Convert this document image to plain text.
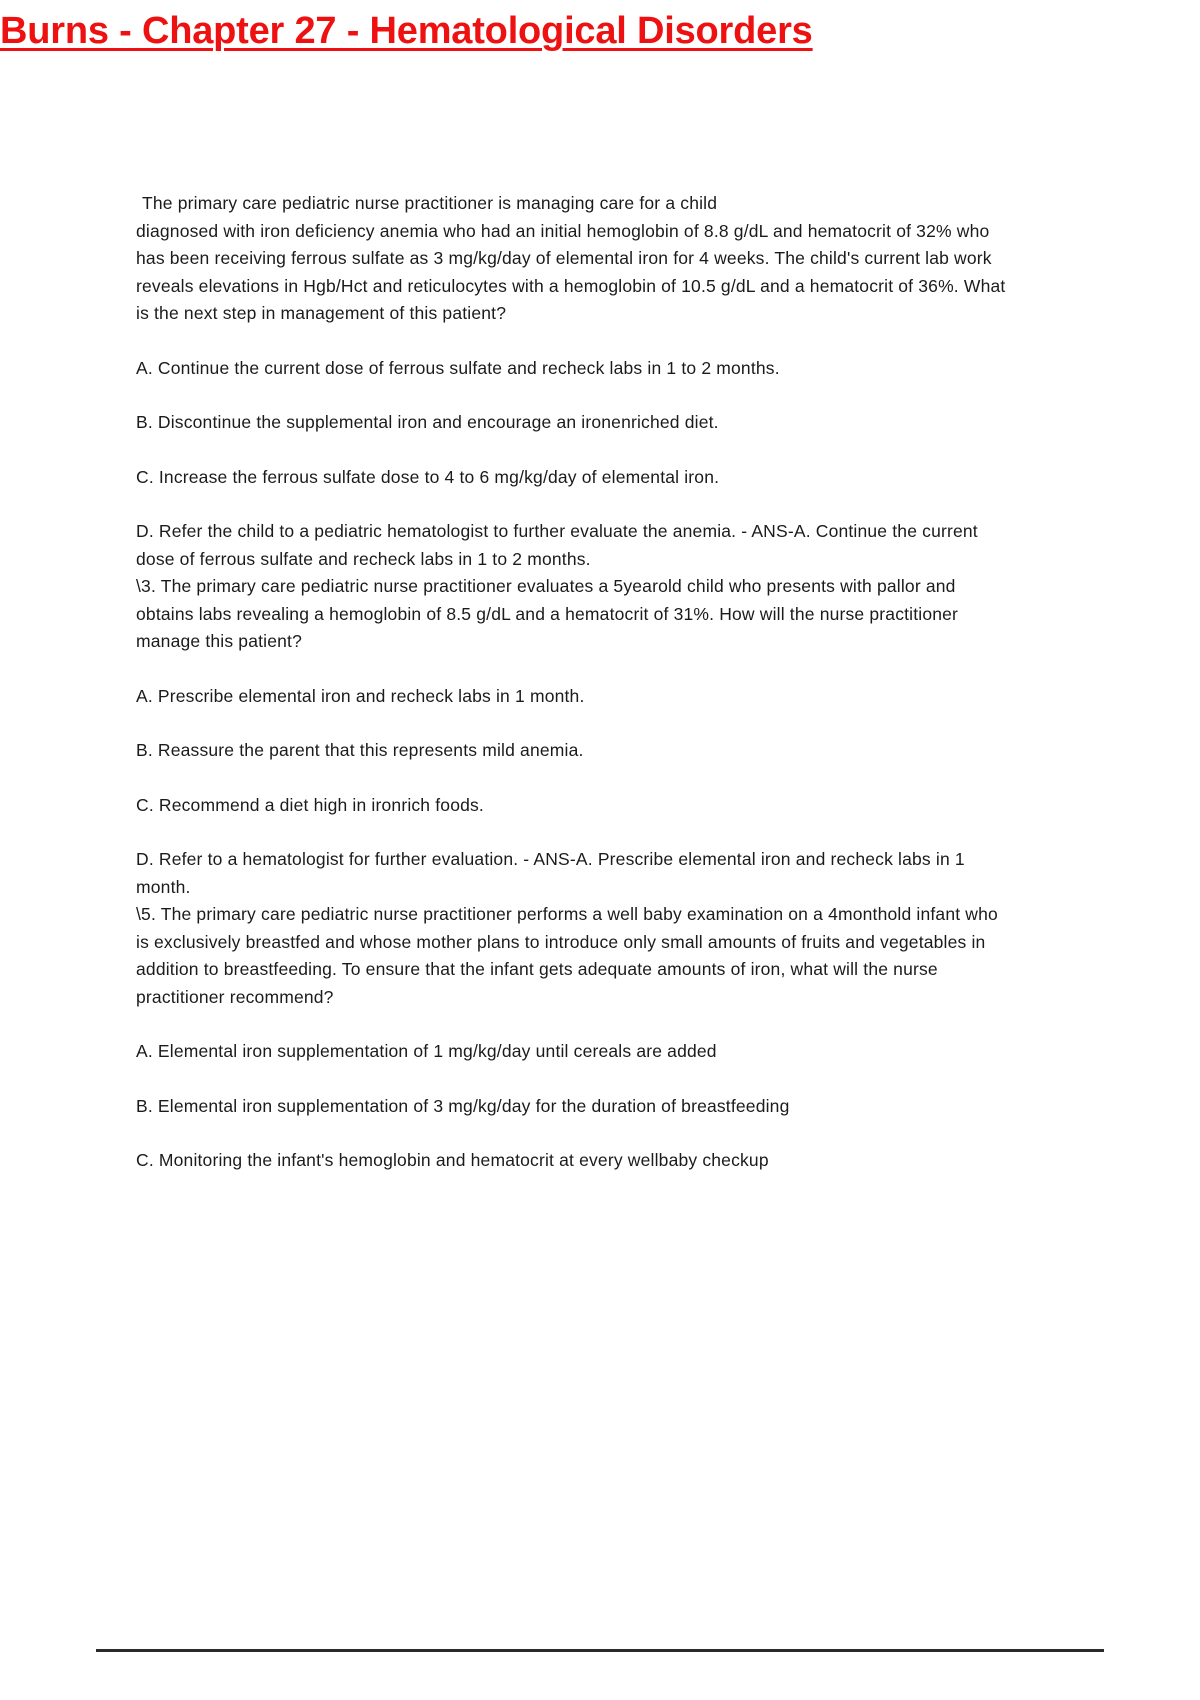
Burns - Chapter 27 - Hematological Disorders

The primary care pediatric nurse practitioner is managing care for a child

diagnosed with iron deficiency anemia who had an initial hemoglobin of 8.8 g/dL and hematocrit of 32% who has been receiving ferrous sulfate as 3 mg/kg/day of elemental iron for 4 weeks. The child's current lab work reveals elevations in Hgb/Hct and reticulocytes with a hemoglobin of 10.5 g/dL and a hematocrit of 36%. What is the next step in management of this patient?

A. Continue the current dose of ferrous sulfate and recheck labs in 1 to 2 months.

B. Discontinue the supplemental iron and encourage an ironenriched diet.

C. Increase the ferrous sulfate dose to 4 to 6 mg/kg/day of elemental iron.

D. Refer the child to a pediatric hematologist to further evaluate the anemia. - ANS-A. Continue the current dose of ferrous sulfate and recheck labs in 1 to 2 months.

\3. The primary care pediatric nurse practitioner evaluates a 5yearold child who presents with pallor and obtains labs revealing a hemoglobin of 8.5 g/dL and a hematocrit of 31%. How will the nurse practitioner manage this patient?

A. Prescribe elemental iron and recheck labs in 1 month.

B. Reassure the parent that this represents mild anemia.

C. Recommend a diet high in ironrich foods.

D. Refer to a hematologist for further evaluation. - ANS-A. Prescribe elemental iron and recheck labs in 1 month.

\5. The primary care pediatric nurse practitioner performs a well baby examination on a 4monthold infant who is exclusively breastfed and whose mother plans to introduce only small amounts of fruits and vegetables in addition to breastfeeding. To ensure that the infant gets adequate amounts of iron, what will the nurse practitioner recommend?

A. Elemental iron supplementation of 1 mg/kg/day until cereals are added

B. Elemental iron supplementation of 3 mg/kg/day for the duration of breastfeeding

C. Monitoring the infant's hemoglobin and hematocrit at every wellbaby checkup
